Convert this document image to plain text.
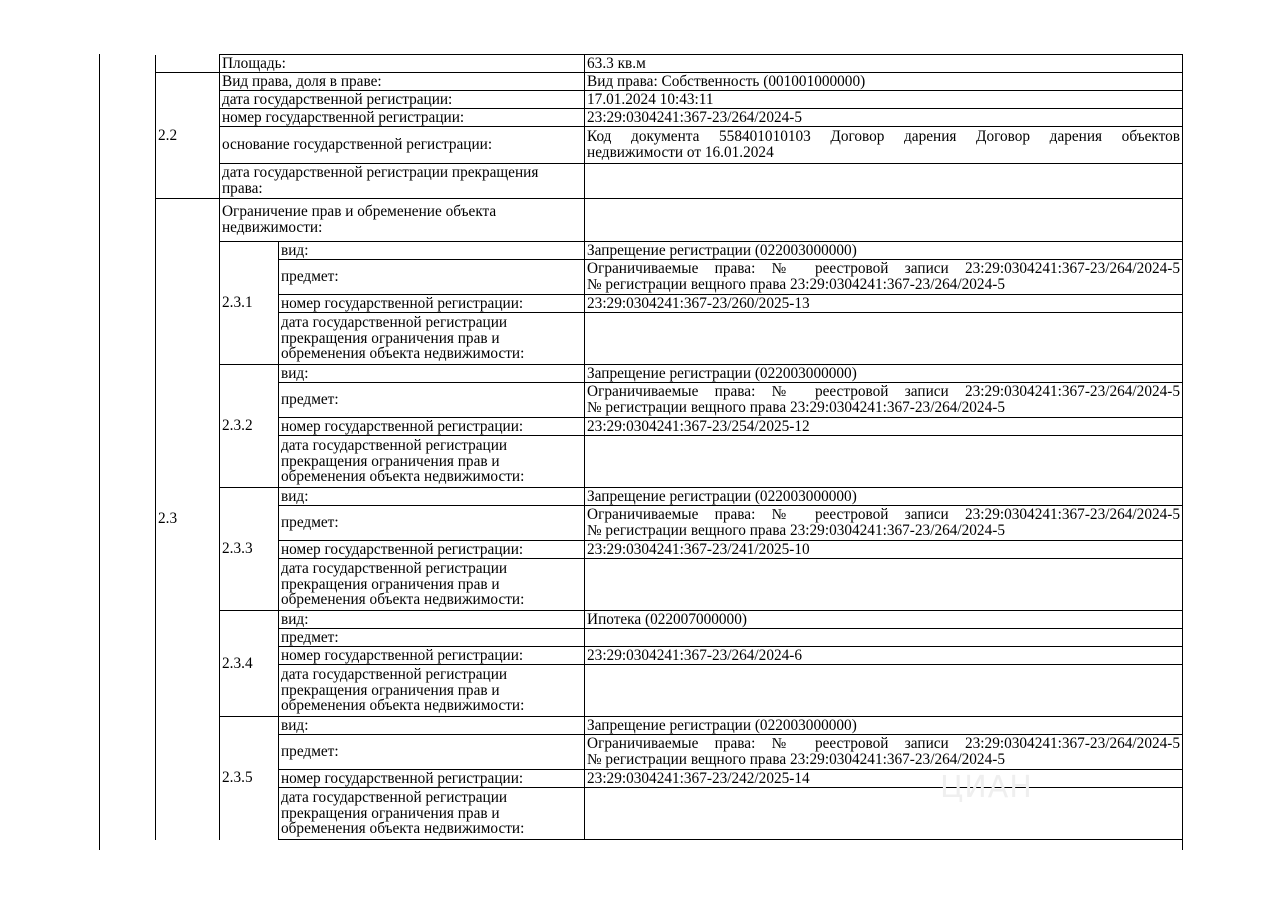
	Площадь:		63.3 кв.м
2.2	Вид права, доля в праве:		Вид права: Собственность (001001000000)
	дата государственной регистрации:		17.01.2024 10:43:11
	номер государственной регистрации:		23:29:0304241:367-23/264/2024-5
	основание государственной регистрации:		Код документа 558401010103 Договор дарения Договор дарения объектов
недвижимости от 16.01.2024

	дата государственной регистрации прекращения
права:		

2.3	Ограничение прав и обременение объекта
недвижимости:		

	2.3.1	вид:	Запрещение регистрации (022003000000)
		предмет:	Ограничиваемые права: № реестровой записи 23:29:0304241:367-23/264/2024-5
№ регистрации вещного права 23:29:0304241:367-23/264/2024-5

		номер государственной регистрации:	23:29:0304241:367-23/260/2025-13

		дата государственной регистрации
прекращения ограничения прав и
обременения объекта недвижимости:	

	2.3.2	вид:	Запрещение регистрации (022003000000)
		предмет:	Ограничиваемые права: № реестровой записи 23:29:0304241:367-23/264/2024-5
№ регистрации вещного права 23:29:0304241:367-23/264/2024-5

		номер государственной регистрации:	23:29:0304241:367-23/254/2025-12

		дата государственной регистрации
прекращения ограничения прав и
обременения объекта недвижимости:	

	2.3.3	вид:	Запрещение регистрации (022003000000)
		предмет:	Ограничиваемые права: № реестровой записи 23:29:0304241:367-23/264/2024-5
№ регистрации вещного права 23:29:0304241:367-23/264/2024-5

		номер государственной регистрации:	23:29:0304241:367-23/241/2025-10

		дата государственной регистрации
прекращения ограничения прав и
обременения объекта недвижимости:	

	2.3.4	вид:	Ипотека (022007000000)
		предмет:	
		номер государственной регистрации:	23:29:0304241:367-23/264/2024-6

		дата государственной регистрации
прекращения ограничения прав и
обременения объекта недвижимости:	

	2.3.5	вид:	Запрещение регистрации (022003000000)
		предмет:	Ограничиваемые права: № реестровой записи 23:29:0304241:367-23/264/2024-5
№ регистрации вещного права 23:29:0304241:367-23/264/2024-5

		номер государственной регистрации:	23:29:0304241:367-23/242/2025-14

		дата государственной регистрации
прекращения ограничения прав и
обременения объекта недвижимости:	

ЦИАН
